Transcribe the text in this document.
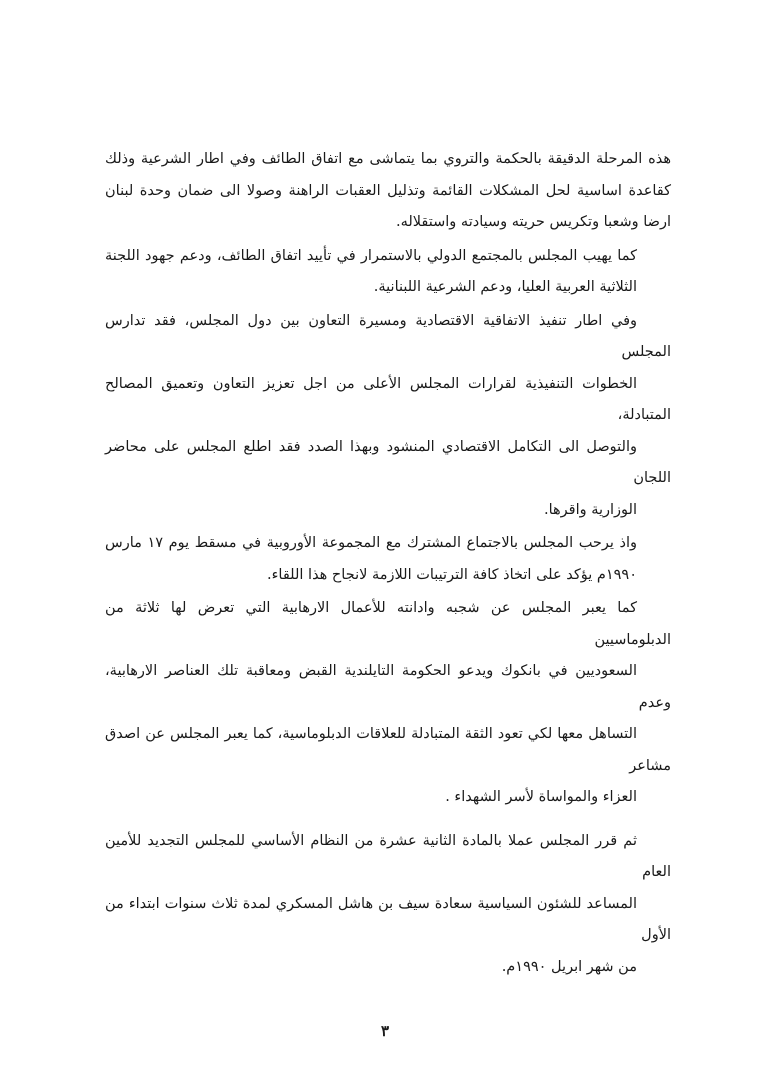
هذه المرحلة الدقيقة بالحكمة والتروي بما يتماشى مع اتفاق الطائف وفي اطار الشرعية وذلك
كقاعدة اساسية لحل المشكلات القائمة وتذليل العقبات الراهنة وصولا الى ضمان وحدة لبنان
ارضا وشعبا وتكريس حريته وسيادته واستقلاله.

كما يهيب المجلس بالمجتمع الدولي بالاستمرار في تأييد اتفاق الطائف، ودعم جهود اللجنة
الثلاثية العربية العليا، ودعم الشرعية اللبنانية.

وفي اطار تنفيذ الاتفاقية الاقتصادية ومسيرة التعاون بين دول المجلس، فقد تدارس المجلس
الخطوات التنفيذية لقرارات المجلس الأعلى من اجل تعزيز التعاون وتعميق المصالح المتبادلة،
والتوصل الى التكامل الاقتصادي المنشود وبهذا الصدد فقد اطلع المجلس على محاضر اللجان
الوزارية واقرها.

واذ يرحب المجلس بالاجتماع المشترك مع المجموعة الأوروبية في مسقط يوم ١٧ مارس
١٩٩٠م يؤكد على اتخاذ كافة الترتيبات اللازمة لانجاح هذا اللقاء.

كما يعبر المجلس عن شجبه وادانته للأعمال الارهابية التي تعرض لها ثلاثة من الدبلوماسيين
السعوديين في بانكوك ويدعو الحكومة التايلندية القبض ومعاقبة تلك العناصر الارهابية، وعدم
التساهل معها لكي تعود الثقة المتبادلة للعلاقات الدبلوماسية، كما يعبر المجلس عن اصدق مشاعر
العزاء والمواساة لأسر الشهداء .

ثم قرر المجلس عملا بالمادة الثانية عشرة من النظام الأساسي للمجلس التجديد للأمين العام
المساعد للشئون السياسية سعادة سيف بن هاشل المسكري لمدة ثلاث سنوات ابتداء من الأول
من شهر ابريل ١٩٩٠م.

٣
